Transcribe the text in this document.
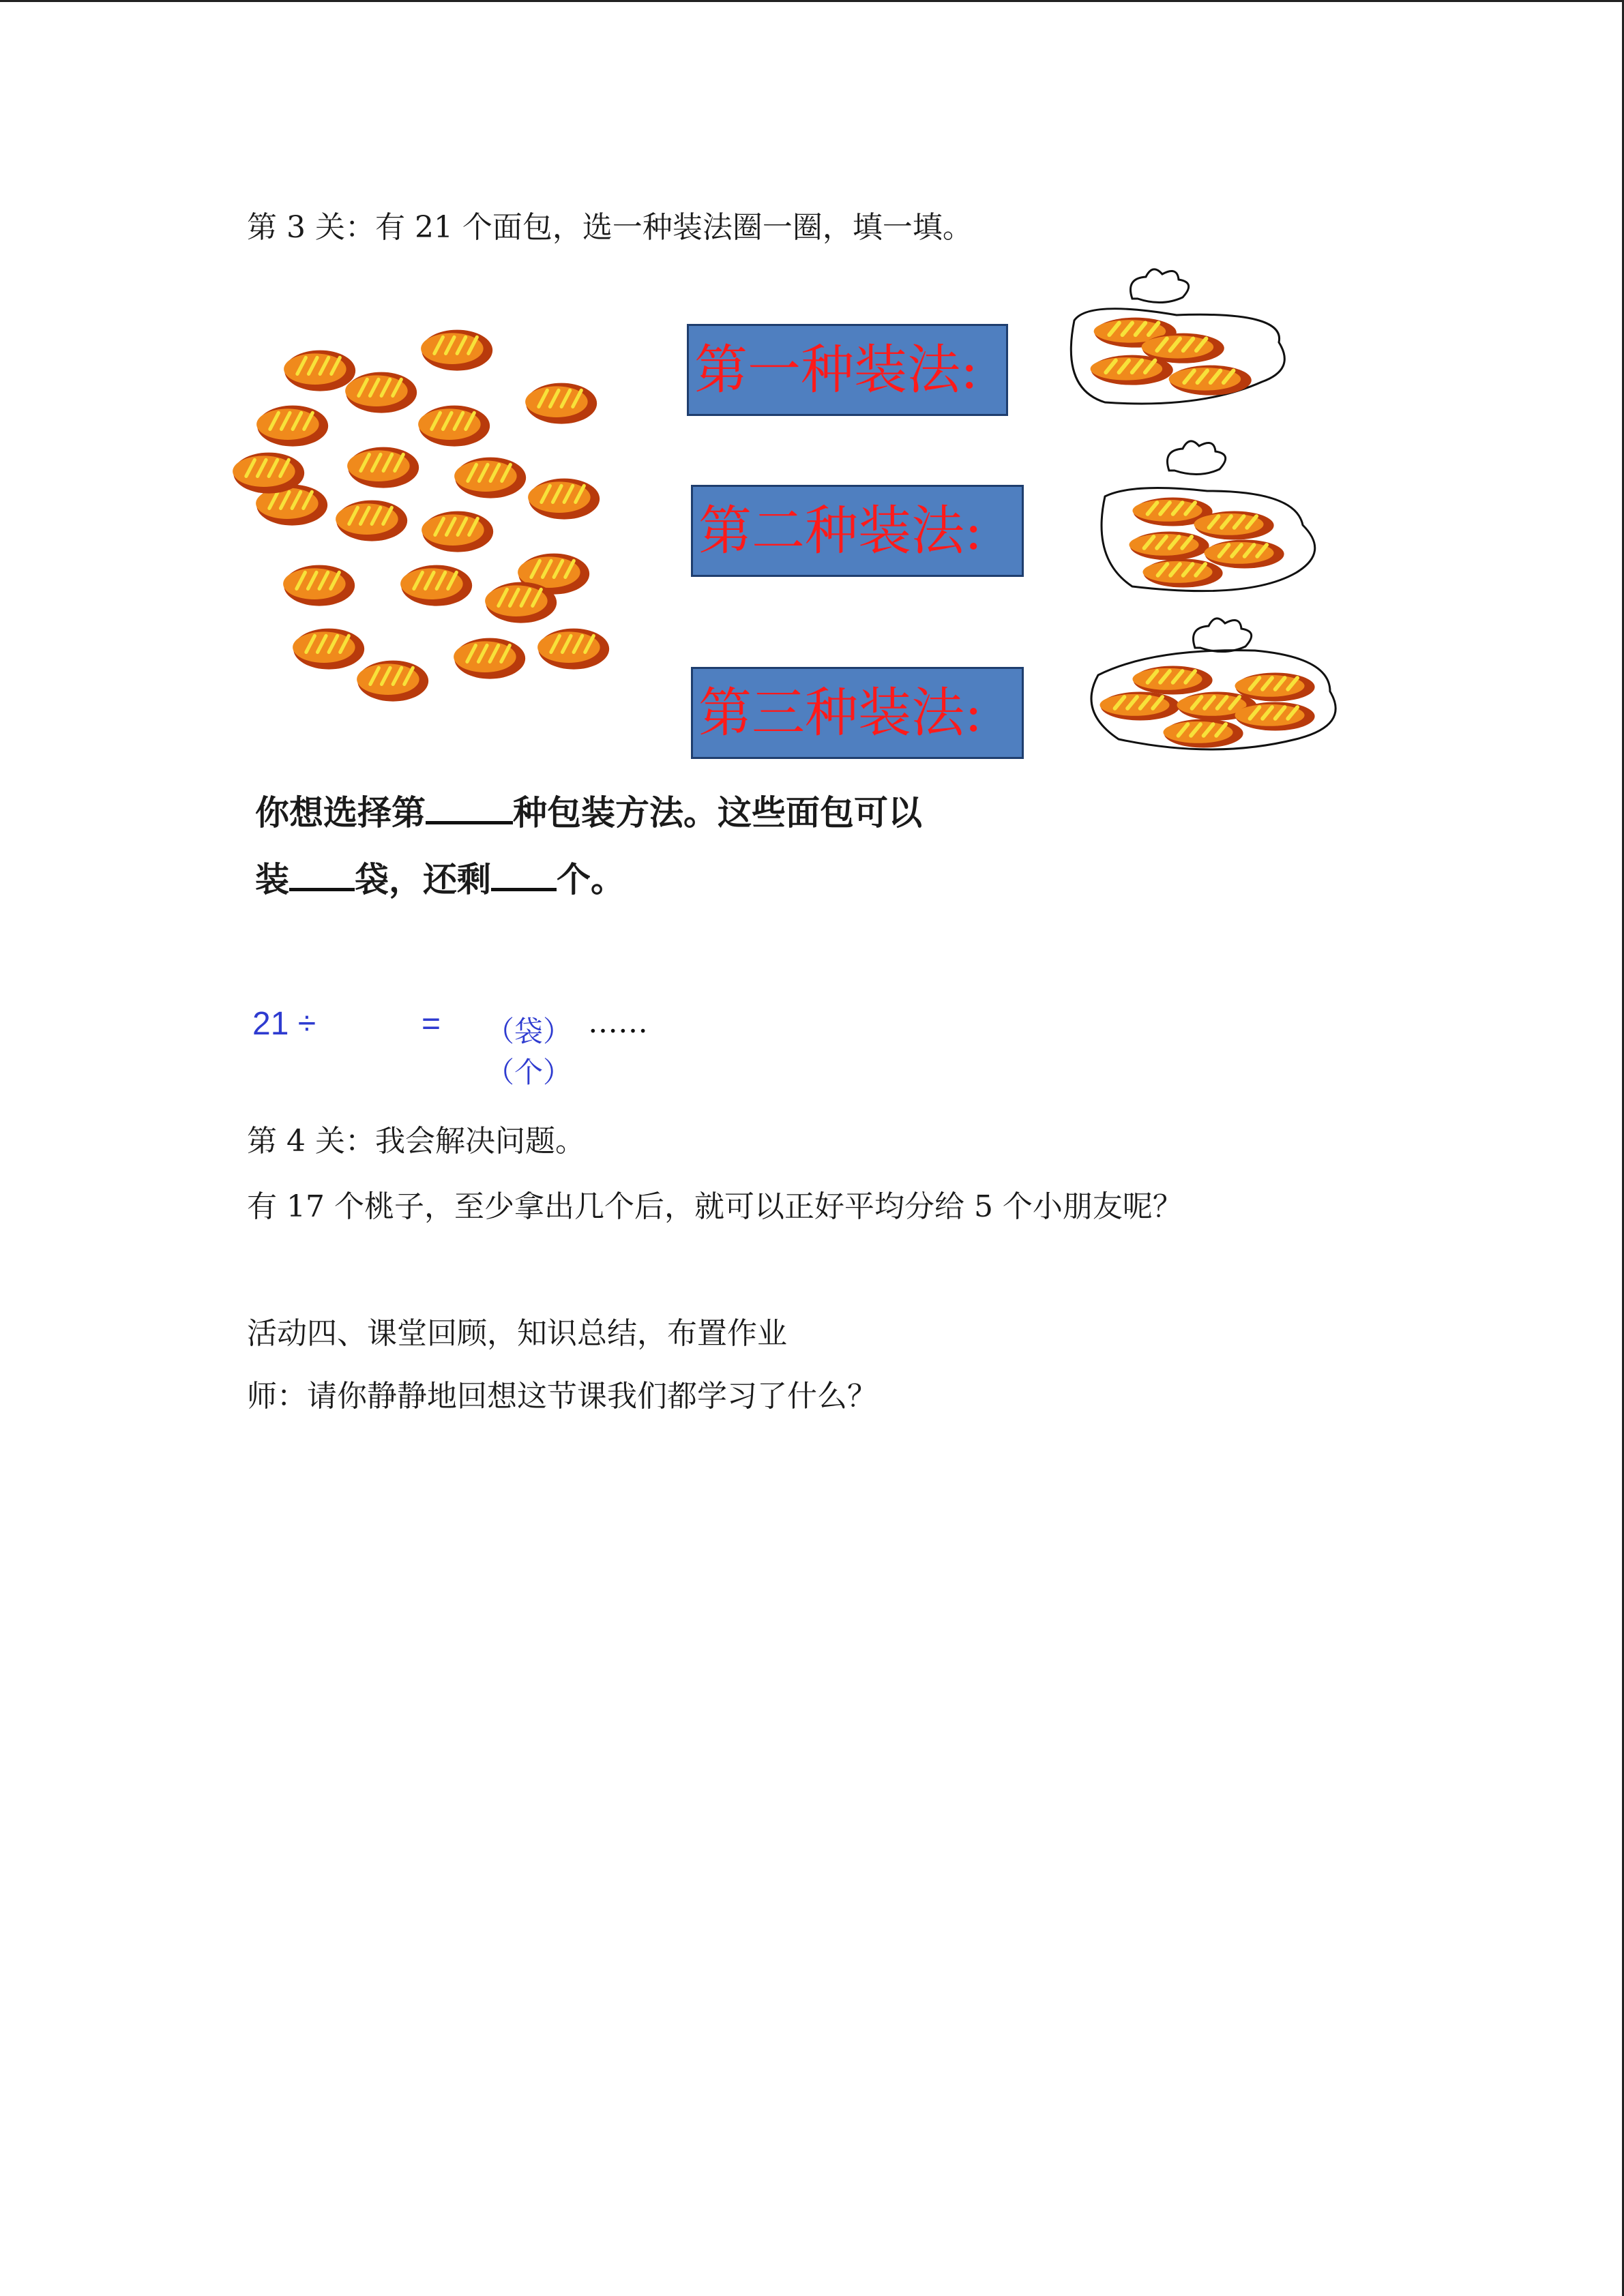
第 3 关：有 21 个面包，选一种装法圈一圈，填一填。
第一种装法:
第二种装法:
第三种装法:
你想选择第	种包装方法。这些面包可以
装 袋，还剩 个。
21 ÷	= （袋） ……
（个）
第 4 关：我会解决问题。
有 17 个桃子，至少拿出几个后，就可以正好平均分给 5 个小朋友呢？
活动四、课堂回顾，知识总结，布置作业
师：请你静静地回想这节课我们都学习了什么？
